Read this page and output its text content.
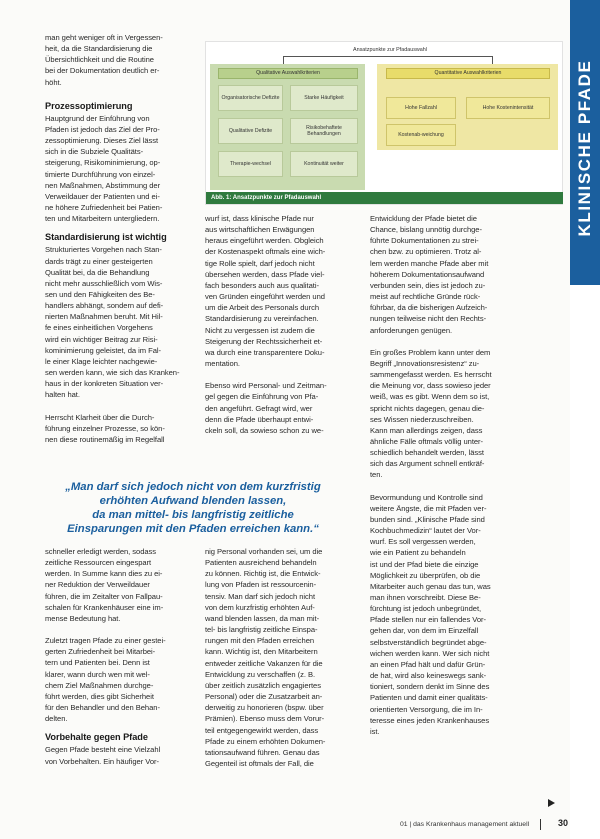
KLINISCHE PFADE
man geht weniger oft in Vergessen-
heit, da die Standardisierung die
Übersichtlichkeit und die Routine
bei der Dokumentation deutlich er-
höht.
Prozessoptimierung
Hauptgrund der Einführung von
Pfaden ist jedoch das Ziel der Pro-
zessoptimierung. Dieses Ziel lässt
sich in die Subziele Qualitäts-
steigerung, Risikominimierung, op-
timierte Durchführung von einzel-
nen Maßnahmen, Abstimmung der
Verweildauer der Patienten und ei-
ne höhere Zufriedenheit bei Patien-
ten und Mitarbeitern untergliedern.
Standardisierung ist wichtig
Strukturiertes Vorgehen nach Stan-
dards trägt zu einer gesteigerten
Qualität bei, da die Behandlung
nicht mehr ausschließlich vom Wis-
sen und den Fähigkeiten des Be-
handlers abhängt, sondern auf defi-
nierten Maßnahmen beruht. Mit Hil-
fe eines einheitlichen Vorgehens
wird ein wichtiger Beitrag zur Risi-
kominimierung geleistet, da im Fal-
le einer Klage leichter nachgewie-
sen werden kann, wie sich das Kranken-
haus in der konkreten Situation ver-
halten hat.
Herrscht Klarheit über die Durch-
führung einzelner Prozesse, so kön-
nen diese routinemäßig im Regelfall
schneller erledigt werden, sodass
zeitliche Ressourcen eingespart
werden. In Summe kann dies zu ei-
ner Reduktion der Verweildauer
führen, die im Zeitalter von Fallpau-
schalen für Krankenhäuser eine im-
mense Bedeutung hat.
Zuletzt tragen Pfade zu einer gestei-
gerten Zufriedenheit bei Mitarbei-
tern und Patienten bei. Denn ist
klarer, wann durch wen mit wel-
chem Ziel Maßnahmen durchge-
führt werden, dies gibt Sicherheit
für den Behandler und den Behan-
delten.
Vorbehalte gegen Pfade
Gegen Pfade besteht eine Vielzahl
von Vorbehalten. Ein häufiger Vor-
Ansatzpunkte zur Pfadauswahl
Qualitative Auswahlkriterien
Organisatorische Defizite	Starke Häufigkeit
Qualitative Defizite
Risikobehaftete Behandlungen
Therapie-wechsel	Kontinuität weiter
Quantitative Auswahlkriterien
Hohe Fallzahl	Hohe Kostenintensität
Kostenab-weichung
Abb. 1: Ansatzpunkte zur Pfadauswahl
wurf ist, dass klinische Pfade nur
aus wirtschaftlichen Erwägungen
heraus eingeführt werden. Obgleich
der Kostenaspekt oftmals eine wich-
tige Rolle spielt, darf jedoch nicht
übersehen werden, dass Pfade viel-
fach besonders auch aus qualitati-
ven Gründen eingeführt werden und
um die Arbeit des Personals durch
Standardisierung zu vereinfachen.
Nicht zu vergessen ist zudem die
Steigerung der Rechtssicherheit et-
wa durch eine transparentere Doku-
mentation.
Ebenso wird Personal- und Zeitman-
gel gegen die Einführung von Pfa-
den angeführt. Gefragt wird, wer
denn die Pfade überhaupt entwi-
ckeln soll, da sowieso schon zu we-
nig Personal vorhanden sei, um die
Patienten ausreichend behandeln
zu können. Richtig ist, die Entwick-
lung von Pfaden ist ressourcenin-
tensiv. Man darf sich jedoch nicht
von dem kurzfristig erhöhten Auf-
wand blenden lassen, da man mit-
tel- bis langfristig zeitliche Einspa-
rungen mit den Pfaden erreichen
kann. Wichtig ist, den Mitarbeitern
entweder zeitliche Vakanzen für die
Entwicklung zu verschaffen (z. B.
über zeitlich zusätzlich engagiertes
Personal) oder die Zusatzarbeit an-
derweitig zu honorieren (bspw. über
Prämien). Ebenso muss dem Vorur-
teil entgegengewirkt werden, dass
Pfade zu einem erhöhten Dokumen-
tationsaufwand führen. Genau das
Gegenteil ist oftmals der Fall, die
Entwicklung der Pfade bietet die
Chance, bislang unnötig durchge-
führte Dokumentationen zu strei-
chen bzw. zu optimieren. Trotz al-
lem werden manche Pfade aber mit
höherem Dokumentationsaufwand
verbunden sein, dies ist jedoch zu-
meist auf rechtliche Gründe rück-
führbar, da die bisherigen Aufzeich-
nungen teilweise nicht den Rechts-
anforderungen genügen.
Ein großes Problem kann unter dem
Begriff „Innovationsresistenz“ zu-
sammengefasst werden. Es herrscht
die Meinung vor, dass sowieso jeder
weiß, was es gibt. Wenn dem so ist,
spricht nichts dagegen, genau die-
ses Wissen niederzuschreiben.
Kann man allerdings zeigen, dass
ähnliche Fälle oftmals völlig unter-
schiedlich behandelt werden, lässt
sich das Argument schnell entkräf-
ten.
Bevormundung und Kontrolle sind
weitere Ängste, die mit Pfaden ver-
bunden sind. „Klinische Pfade sind
Kochbuchmedizin“ lautet der Vor-
wurf. Es soll vergessen werden,
wie ein Patient zu behandeln
ist und der Pfad biete die einzige
Möglichkeit zu überprüfen, ob die
Mitarbeiter auch genau das tun, was
man ihnen vorschreibt. Diese Be-
fürchtung ist jedoch unbegründet,
Pfade stellen nur ein fallendes Vor-
gehen dar, von dem im Einzelfall
selbstverständlich begründet abge-
wichen werden kann. Wer sich nicht
an einen Pfad hält und dafür Grün-
de hat, wird also keineswegs sank-
tioniert, sondern denkt im Sinne des
Patienten und damit einer qualitäts-
orientierten Versorgung, die im In-
teresse eines jeden Krankenhauses
ist.
„Man darf sich jedoch nicht von dem kurzfristig
erhöhten Aufwand blenden lassen,
da man mittel- bis langfristig zeitliche
Einsparungen mit den Pfaden erreichen kann.“
01 | das Krankenhaus management aktuell	30
